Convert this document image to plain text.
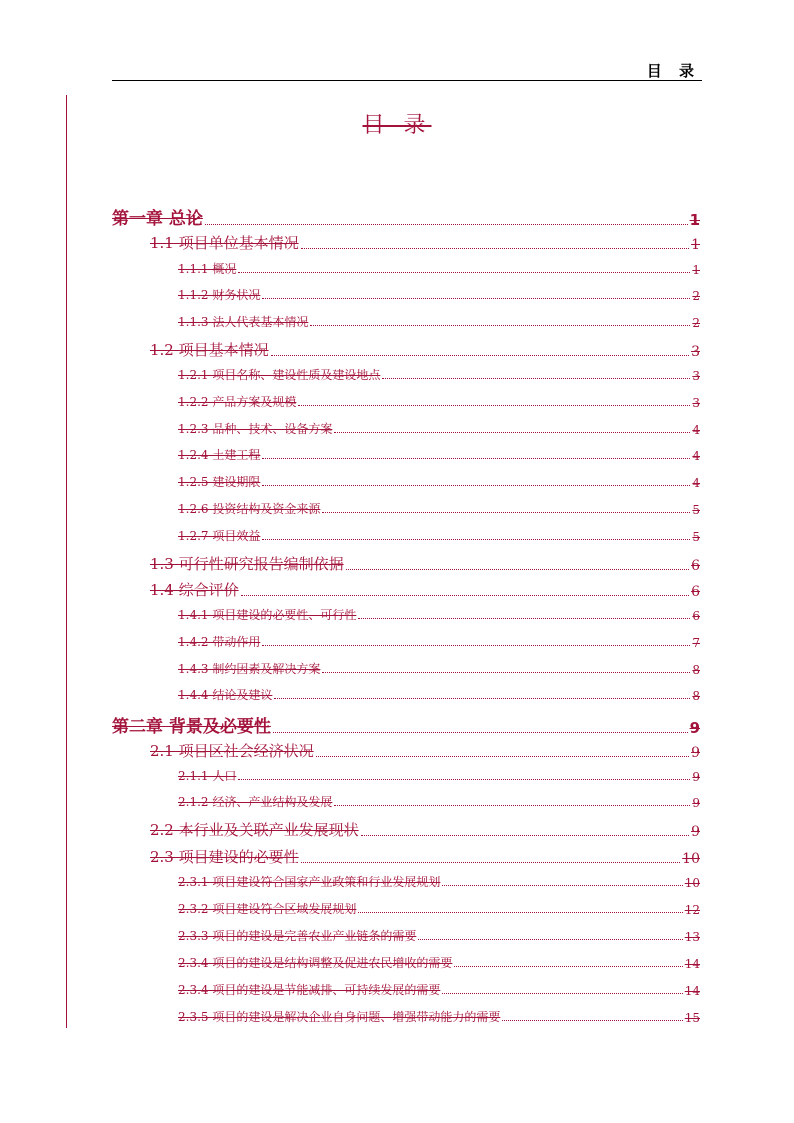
目 录
目 录
第一章 总论	1
1.1 项目单位基本情况	1
1.1.1 概况	1
1.1.2 财务状况	2
1.1.3 法人代表基本情况	2
1.2 项目基本情况	3
1.2.1 项目名称、建设性质及建设地点	3
1.2.2 产品方案及规模	3
1.2.3 品种、技术、设备方案	4
1.2.4 土建工程	4
1.2.5 建设期限	4
1.2.6 投资结构及资金来源	5
1.2.7 项目效益	5
1.3 可行性研究报告编制依据	6
1.4 综合评价	6
1.4.1 项目建设的必要性、可行性	6
1.4.2 带动作用	7
1.4.3 制约因素及解决方案	8
1.4.4 结论及建议	8
第二章 背景及必要性	9
2.1 项目区社会经济状况	9
2.1.1 人口	9
2.1.2 经济、产业结构及发展	9
2.2 本行业及关联产业发展现状	9
2.3 项目建设的必要性	10
2.3.1 项目建设符合国家产业政策和行业发展规划	10
2.3.2 项目建设符合区域发展规划	12
2.3.3 项目的建设是完善农业产业链条的需要	13
2.3.4 项目的建设是结构调整及促进农民增收的需要	14
2.3.4 项目的建设是节能减排、可持续发展的需要	14
2.3.5 项目的建设是解决企业自身问题、增强带动能力的需要	15
